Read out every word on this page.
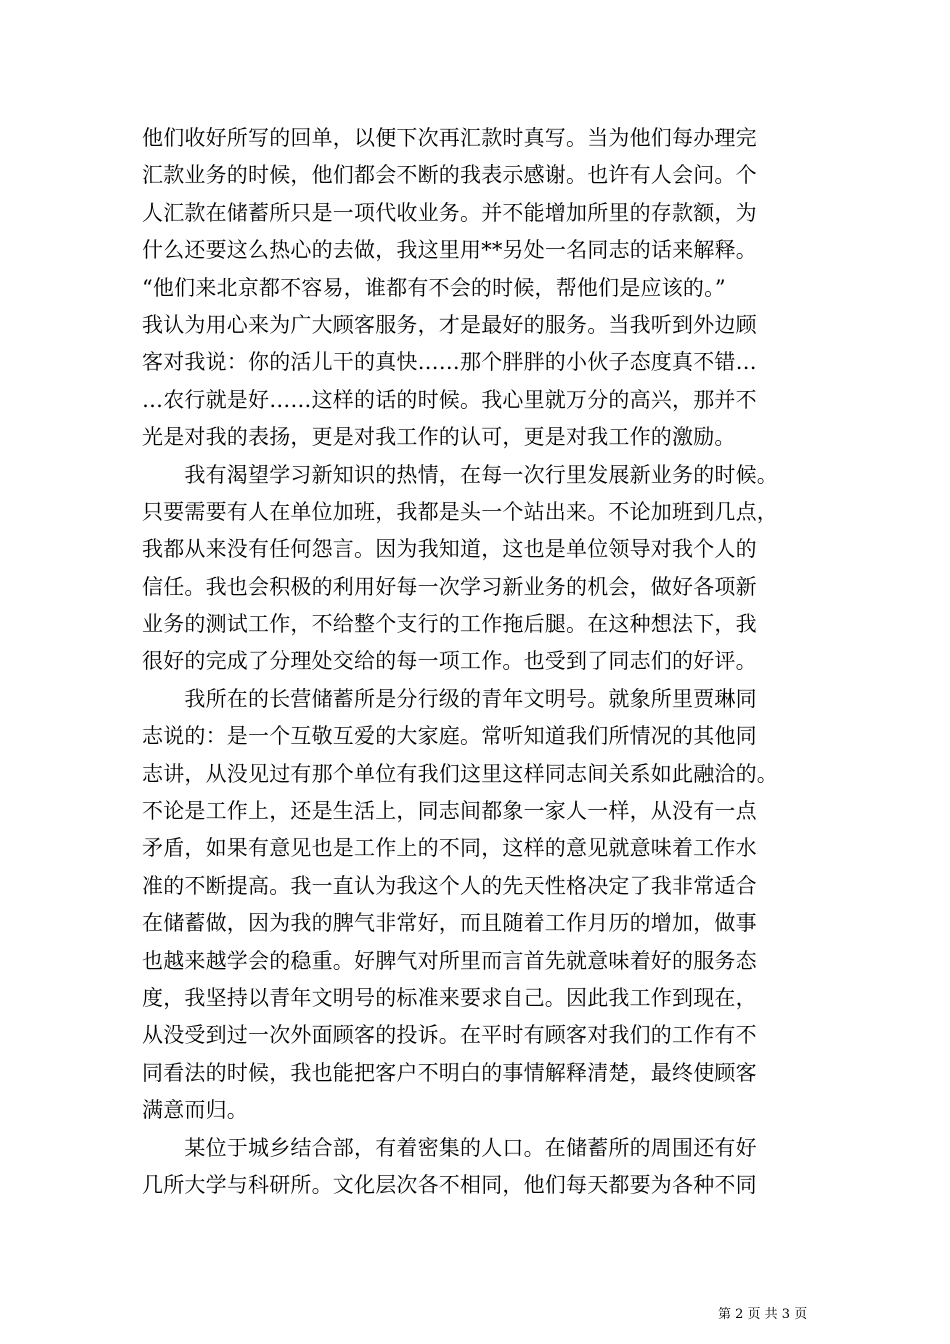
他们收好所写的回单，以便下次再汇款时真写。当为他们每办理完
汇款业务的时候，他们都会不断的我表示感谢。也许有人会问。个
人汇款在储蓄所只是一项代收业务。并不能增加所里的存款额，为
什么还要这么热心的去做，我这里用**另处一名同志的话来解释。
“他们来北京都不容易，谁都有不会的时候，帮他们是应该的。”
我认为用心来为广大顾客服务，才是最好的服务。当我听到外边顾
客对我说：你的活儿干的真快……那个胖胖的小伙子态度真不错…
…农行就是好……这样的话的时候。我心里就万分的高兴，那并不
光是对我的表扬，更是对我工作的认可，更是对我工作的激励。
　　我有渴望学习新知识的热情，在每一次行里发展新业务的时候。
只要需要有人在单位加班，我都是头一个站出来。不论加班到几点，
我都从来没有任何怨言。因为我知道，这也是单位领导对我个人的
信任。我也会积极的利用好每一次学习新业务的机会，做好各项新
业务的测试工作，不给整个支行的工作拖后腿。在这种想法下，我
很好的完成了分理处交给的每一项工作。也受到了同志们的好评。
　　我所在的长营储蓄所是分行级的青年文明号。就象所里贾琳同
志说的：是一个互敬互爱的大家庭。常听知道我们所情况的其他同
志讲，从没见过有那个单位有我们这里这样同志间关系如此融洽的。
不论是工作上，还是生活上，同志间都象一家人一样，从没有一点
矛盾，如果有意见也是工作上的不同，这样的意见就意味着工作水
准的不断提高。我一直认为我这个人的先天性格决定了我非常适合
在储蓄做，因为我的脾气非常好，而且随着工作月历的增加，做事
也越来越学会的稳重。好脾气对所里而言首先就意味着好的服务态
度，我坚持以青年文明号的标准来要求自己。因此我工作到现在，
从没受到过一次外面顾客的投诉。在平时有顾客对我们的工作有不
同看法的时候，我也能把客户不明白的事情解释清楚，最终使顾客
满意而归。
　　某位于城乡结合部，有着密集的人口。在储蓄所的周围还有好
几所大学与科研所。文化层次各不相同，他们每天都要为各种不同
第 2 页 共 3 页
